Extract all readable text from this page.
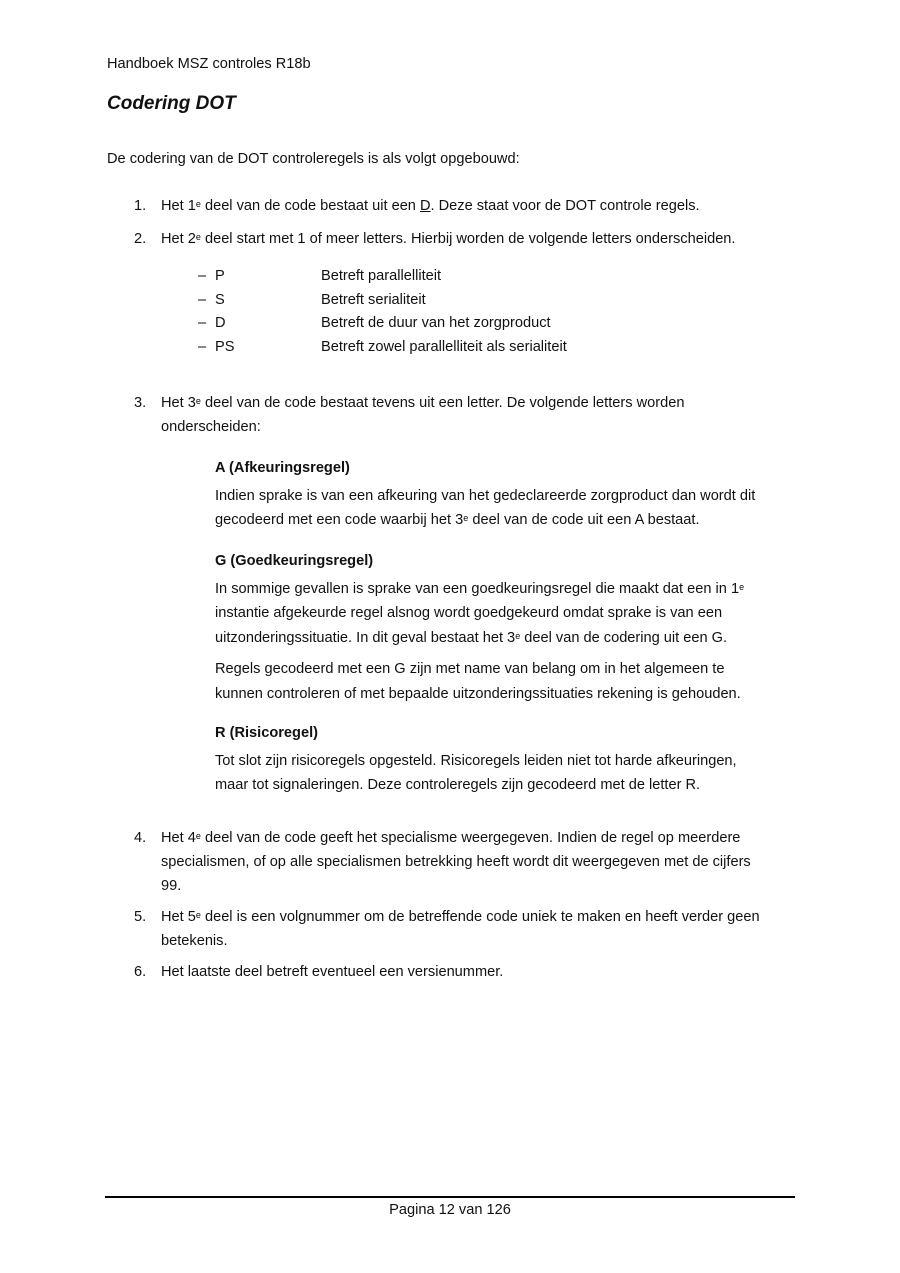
Handboek MSZ controles R18b
Codering DOT
De codering van de DOT controleregels is als volgt opgebouwd:
1. Het 1e deel van de code bestaat uit een D. Deze staat voor de DOT controle regels.
2. Het 2e deel start met 1 of meer letters. Hierbij worden de volgende letters onderscheiden.
– P	Betreft parallelliteit
– S	Betreft serialiteit
– D	Betreft de duur van het zorgproduct
– PS	Betreft zowel parallelliteit als serialiteit
3. Het 3e deel van de code bestaat tevens uit een letter. De volgende letters worden
onderscheiden:
A (Afkeuringsregel)
Indien sprake is van een afkeuring van het gedeclareerde zorgproduct dan wordt dit
gecodeerd met een code waarbij het 3e deel van de code uit een A bestaat.
G (Goedkeuringsregel)
In sommige gevallen is sprake van een goedkeuringsregel die maakt dat een in 1e
instantie afgekeurde regel alsnog wordt goedgekeurd omdat sprake is van een
uitzonderingssituatie. In dit geval bestaat het 3e deel van de codering uit een G.
Regels gecodeerd met een G zijn met name van belang om in het algemeen te
kunnen controleren of met bepaalde uitzonderingssituaties rekening is gehouden.
R (Risicoregel)
Tot slot zijn risicoregels opgesteld. Risicoregels leiden niet tot harde afkeuringen,
maar tot signaleringen. Deze controleregels zijn gecodeerd met de letter R.
4. Het 4e deel van de code geeft het specialisme weergegeven. Indien de regel op meerdere
specialismen, of op alle specialismen betrekking heeft wordt dit weergegeven met de cijfers
99.
5. Het 5e deel is een volgnummer om de betreffende code uniek te maken en heeft verder geen
betekenis.
6. Het laatste deel betreft eventueel een versienummer.
Pagina 12 van 126
